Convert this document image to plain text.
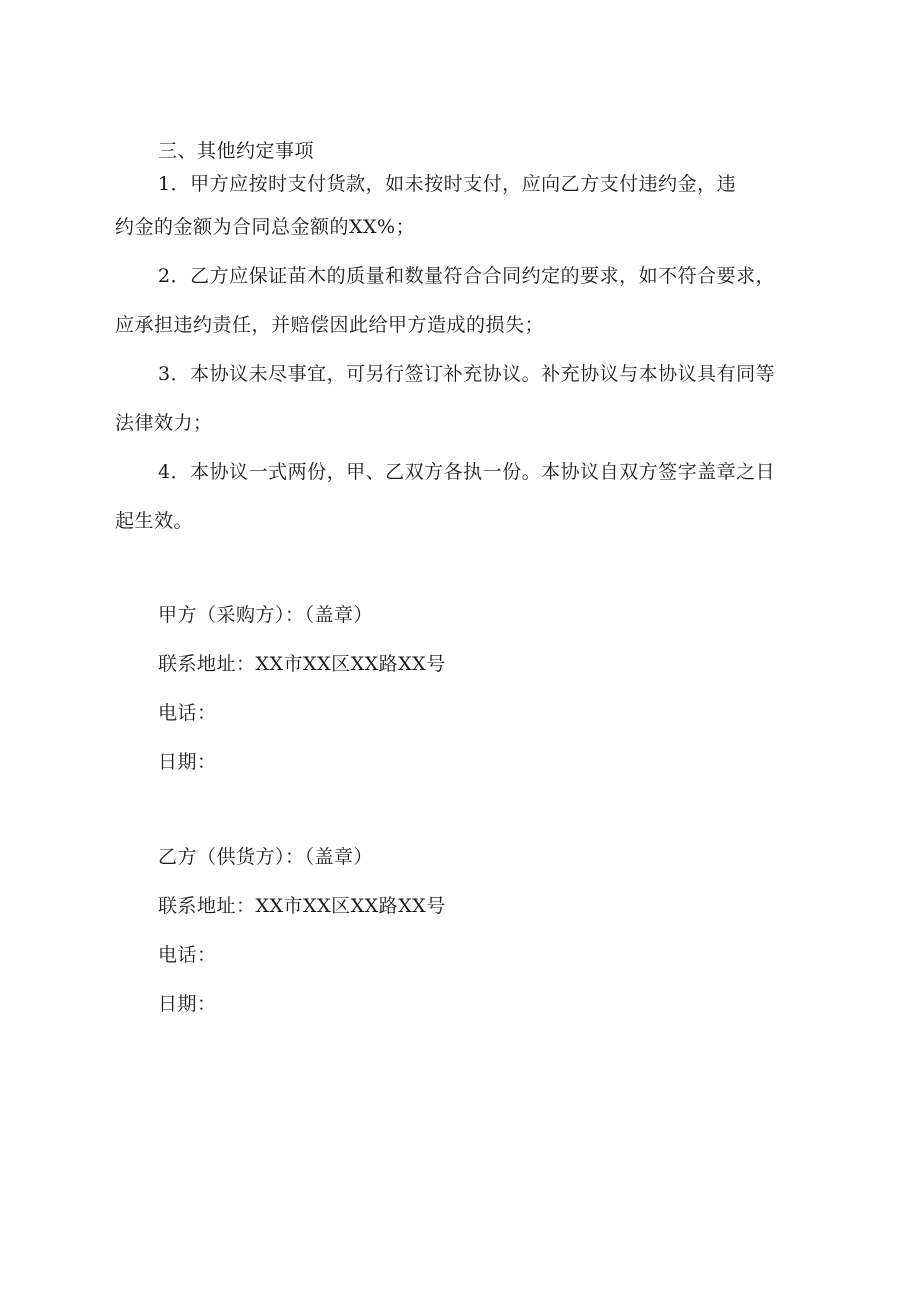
三、其他约定事项
1．甲方应按时支付货款，如未按时支付，应向乙方支付违约金，违
约金的金额为合同总金额的XX%；
2．乙方应保证苗木的质量和数量符合合同约定的要求，如不符合要求，
应承担违约责任，并赔偿因此给甲方造成的损失；
3．本协议未尽事宜，可另行签订补充协议。补充协议与本协议具有同等
法律效力；
4．本协议一式两份，甲、乙双方各执一份。本协议自双方签字盖章之日
起生效。
甲方（采购方）：（盖章）
联系地址：XX市XX区XX路XX号
电话：
日期：
乙方（供货方）：（盖章）
联系地址：XX市XX区XX路XX号
电话：
日期：
